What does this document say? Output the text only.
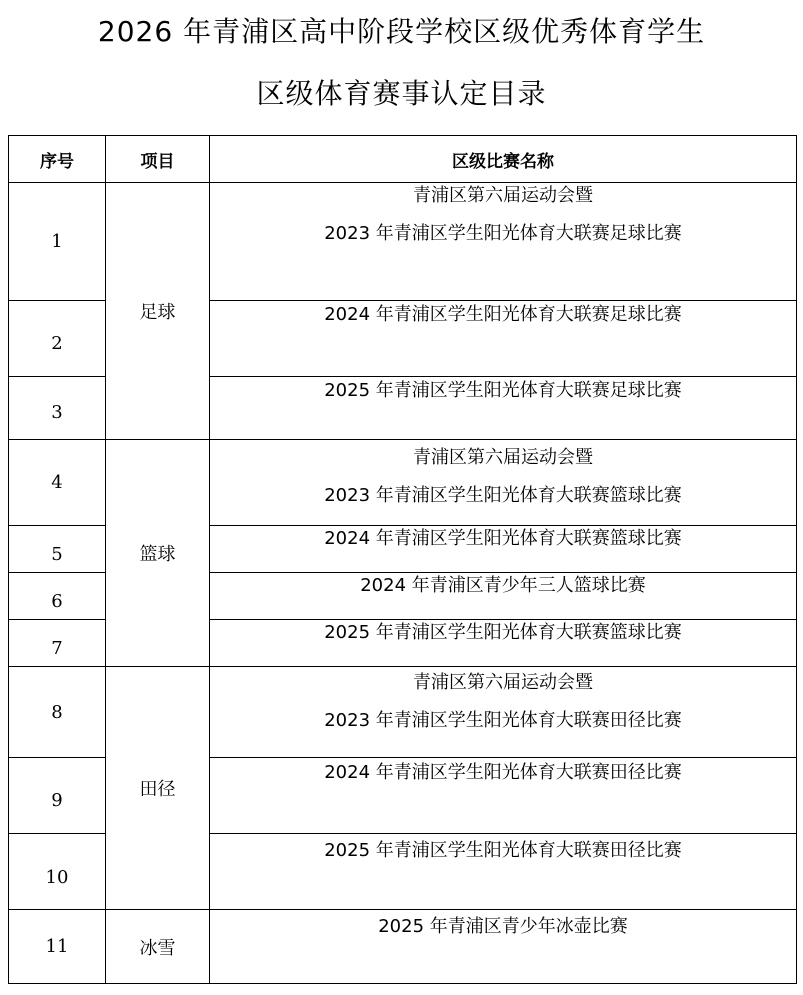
2026 年青浦区高中阶段学校区级优秀体育学生
区级体育赛事认定目录
序号	项目	区级比赛名称
1	足球	青浦区第六届运动会暨
2023 年青浦区学生阳光体育大联赛足球比赛

2		2024 年青浦区学生阳光体育大联赛足球比赛

3		2025 年青浦区学生阳光体育大联赛足球比赛

4	篮球	青浦区第六届运动会暨
2023 年青浦区学生阳光体育大联赛篮球比赛

5		2024 年青浦区学生阳光体育大联赛篮球比赛

6		2024 年青浦区青少年三人篮球比赛

7		2025 年青浦区学生阳光体育大联赛篮球比赛

8	田径	青浦区第六届运动会暨
2023 年青浦区学生阳光体育大联赛田径比赛

9		2024 年青浦区学生阳光体育大联赛田径比赛

10		2025 年青浦区学生阳光体育大联赛田径比赛

11	冰雪	2025 年青浦区青少年冰壶比赛
